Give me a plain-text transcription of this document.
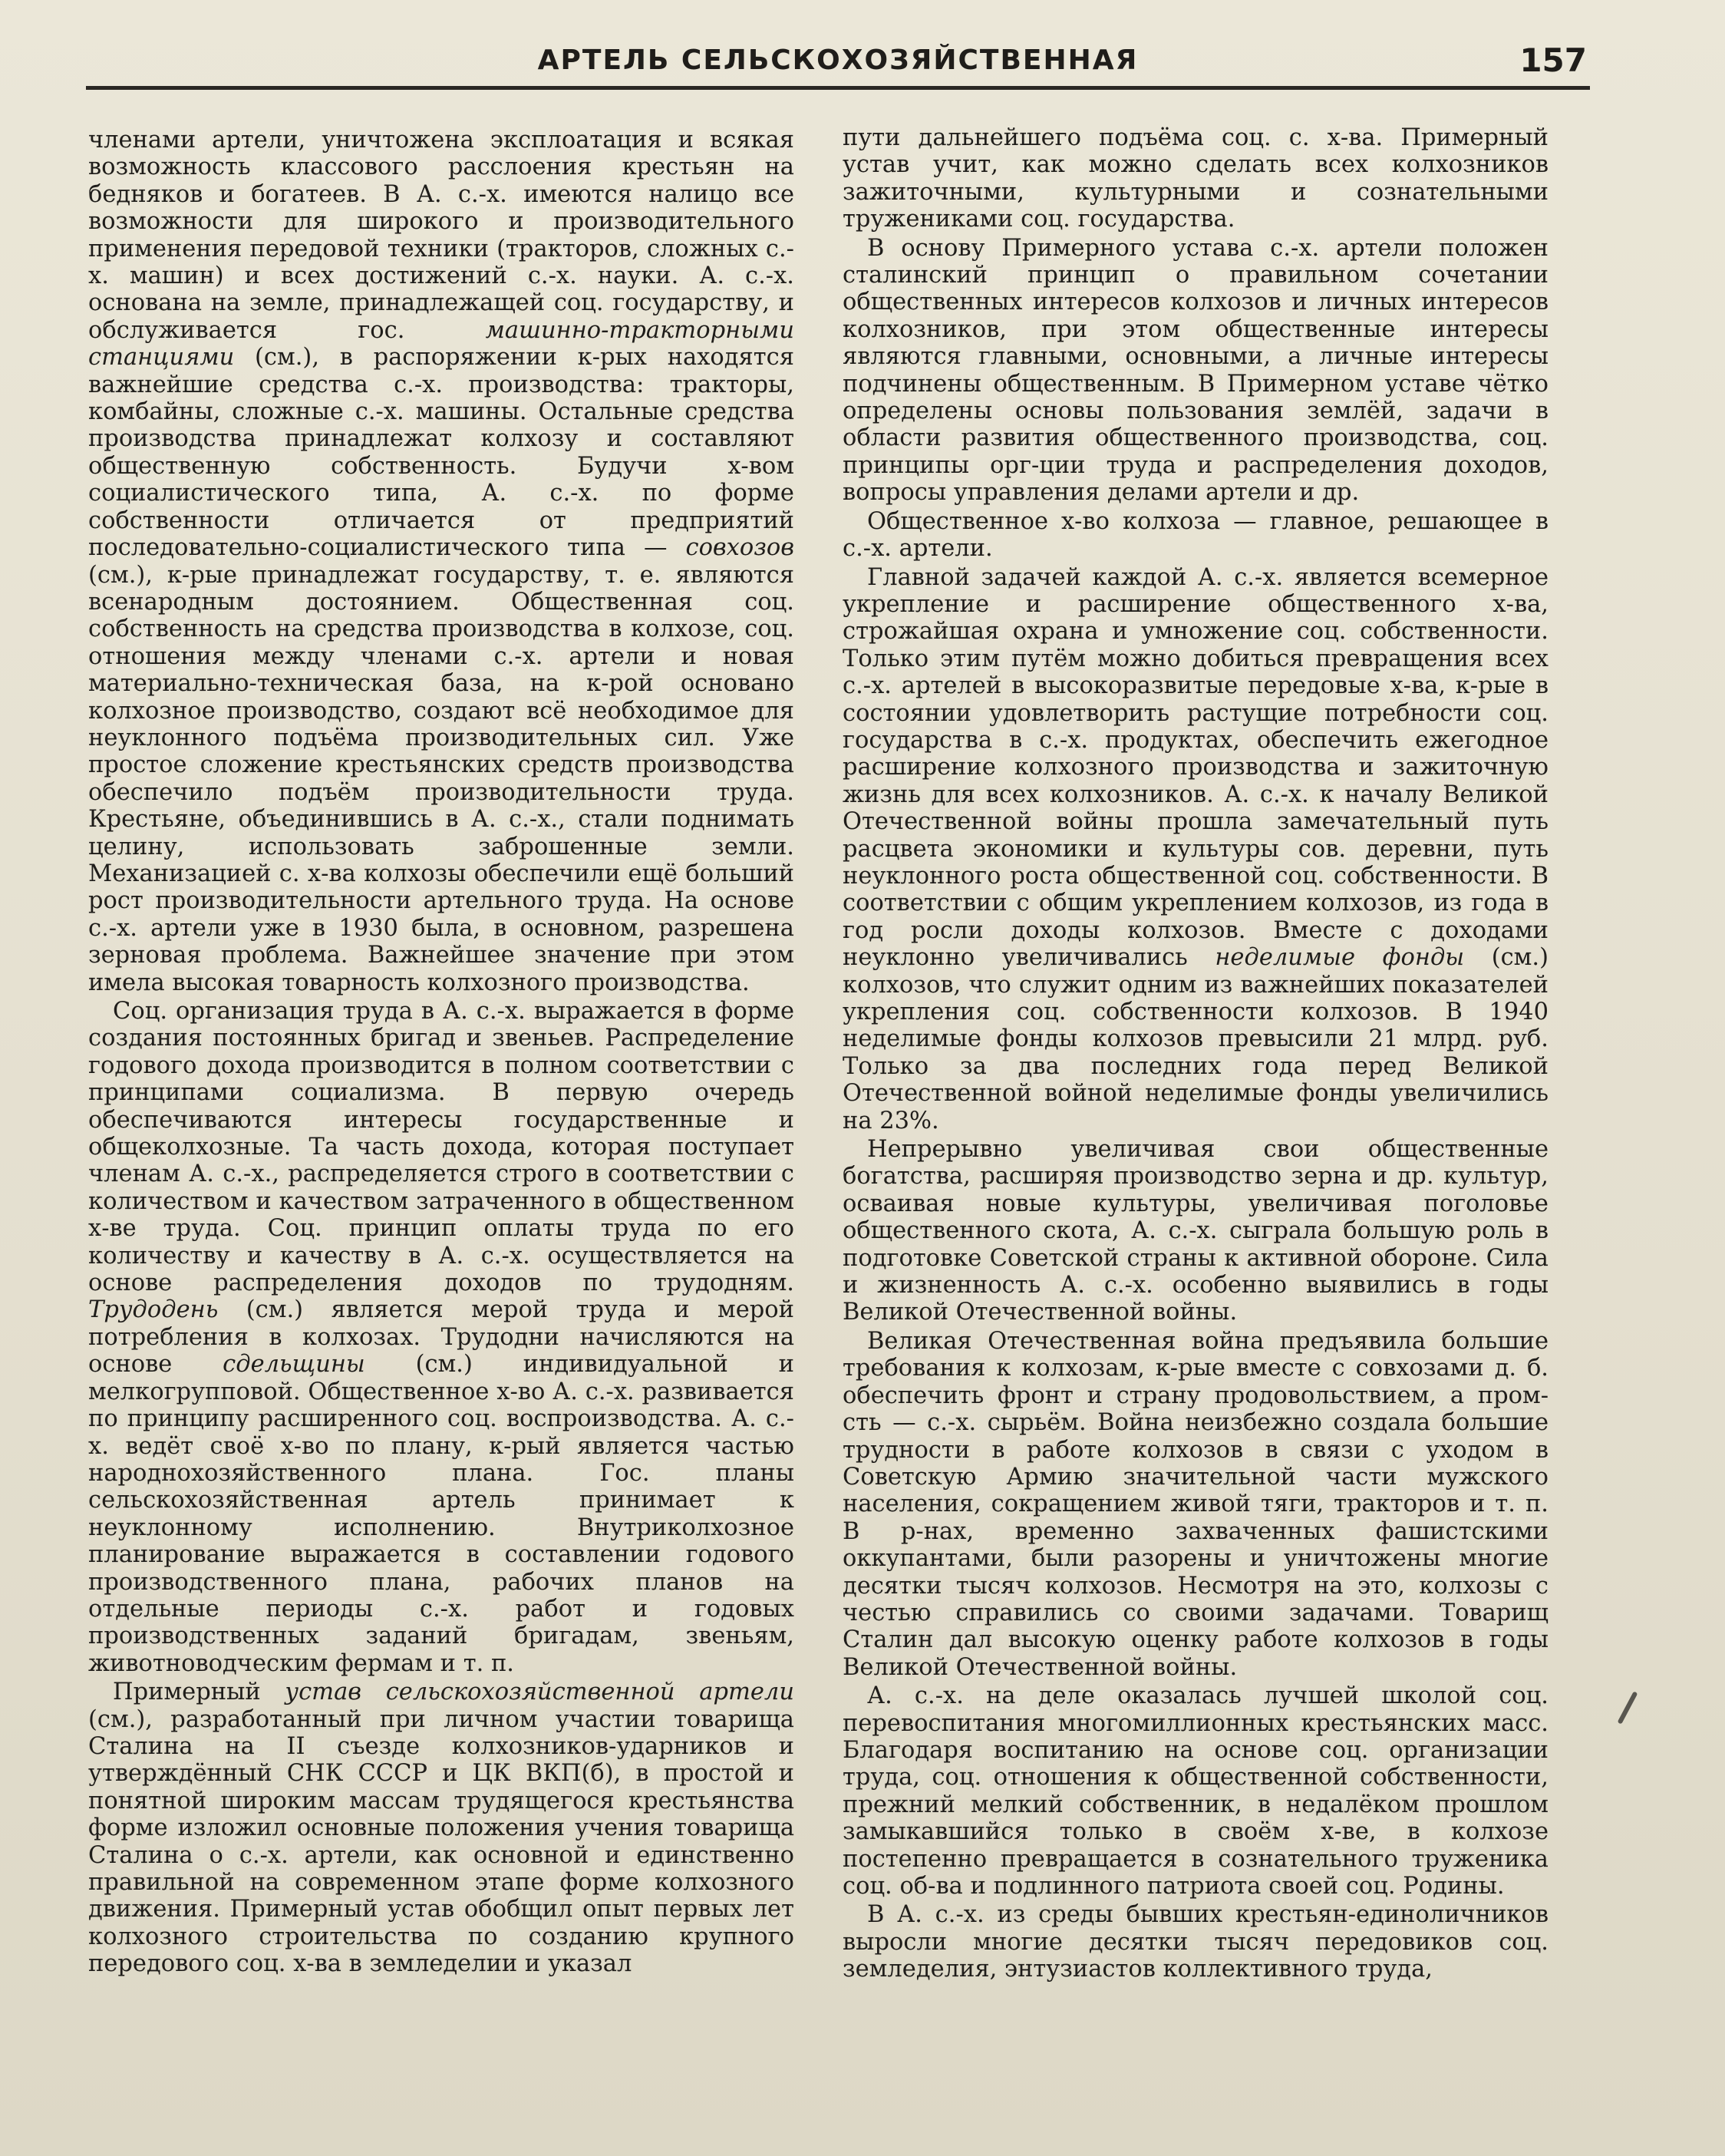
АРТЕЛЬ СЕЛЬСКОХОЗЯЙСТВЕННАЯ	157

членами артели, уничтожена эксплоатация и всякая возможность классового расслоения крестьян на бедняков и богатеев. В А. с.-х. имеются налицо все возможности для широкого и производительного применения передовой техники (тракторов, сложных с.-х. машин) и всех достижений с.-х. науки. А. с.-х. основана на земле, принадлежащей соц. государству, и обслуживается гос.	машинно-тракторными станциями (см.), в распоряжении к-рых находятся важнейшие средства с.-х. производства: тракторы, комбайны, сложные с.-х. машины. Остальные средства производства принадлежат колхозу и составляют общественную собственность. Будучи х-вом социалистического типа, А. с.-х. по форме собственности отличается от предприятий последовательно-социалистического типа — совхозов (см.), к-рые принадлежат государству, т. е. являются всенародным достоянием. Общественная соц. собственность на средства производства в колхозе, соц. отношения между членами с.-х. артели и новая материально-техническая база, на к-рой основано колхозное производство, создают всё необходимое для неуклонного подъёма производительных сил. Уже простое сложение крестьянских средств производства обеспечило подъём производительности труда. Крестьяне, объединившись в А. с.-х., стали поднимать целину, использовать заброшенные земли. Механизацией с. х-ва колхозы обеспечили ещё больший рост производительности артельного труда. На основе с.-х. артели уже в 1930 была, в основном, разрешена зерновая проблема. Важнейшее значение при этом имела высокая товарность колхозного производства.

Соц. организация труда в А. с.-х. выражается в форме создания постоянных бригад и звеньев. Распределение годового дохода производится в полном соответствии с принципами социализма. В первую очередь обеспечиваются интересы государственные и общеколхозные. Та часть дохода, которая поступает членам А. с.-х., распределяется строго в соответствии с количеством и качеством затраченного в общественном х-ве труда. Соц. принцип оплаты труда по его количеству и качеству в А. с.-х. осуществляется на основе распределения доходов по трудодням. Трудодень (см.) является мерой труда и мерой потребления в колхозах. Трудодни начисляются на основе сдельщины (см.) индивидуальной и мелкогрупповой. Общественное х-во А. с.-х. развивается по принципу расширенного соц. воспроизводства. А. с.-х. ведёт своё х-во по плану, к-рый является частью народнохозяйственного плана. Гос. планы сельскохозяйственная артель принимает к неуклонному исполнению. Внутриколхозное планирование выражается в составлении годового производственного плана, рабочих планов на отдельные периоды с.-х. работ и годовых производственных заданий бригадам, звеньям, животноводческим фермам и т. п.

Примерный устав сельскохозяйственной артели (см.), разработанный при личном участии товарища Сталина на II съезде колхозников-ударников и утверждённый СНК СССР и ЦК ВКП(б), в простой и понятной широким массам трудящегося крестьянства форме изложил основные положения учения товарища Сталина о с.-х. артели, как основной и единственно правильной на современном этапе форме колхозного движения. Примерный устав обобщил опыт первых лет колхозного строительства по созданию крупного передового соц. х-ва в земледелии и указал

пути дальнейшего подъёма соц. с. х-ва. Примерный устав учит, как можно сделать всех колхозников зажиточными, культурными и сознательными тружениками соц. государства.

В основу Примерного устава с.-х. артели положен сталинский принцип о правильном сочетании общественных интересов колхозов и личных интересов колхозников, при этом общественные интересы являются главными, основными, а личные интересы подчинены общественным. В Примерном уставе чётко определены основы пользования землёй, задачи в области развития общественного производства, соц. принципы орг-ции труда и распределения доходов, вопросы управления делами артели и др.

Общественное х-во колхоза — главное, решающее в с.-х. артели.

Главной задачей каждой А. с.-х. является всемерное укрепление и расширение общественного х-ва, строжайшая охрана и умножение соц. собственности. Только этим путём можно добиться превращения всех с.-х. артелей в высокоразвитые передовые х-ва, к-рые в состоянии удовлетворить растущие потребности соц. государства в с.-х. продуктах, обеспечить ежегодное расширение колхозного производства и зажиточную жизнь для всех колхозников. А. с.-х. к началу Великой Отечественной войны прошла замечательный путь расцвета экономики и культуры сов. деревни, путь неуклонного роста общественной соц. собственности. В соответствии с общим укреплением колхозов, из года в год росли доходы колхозов. Вместе с доходами неуклонно увеличивались неделимые фонды (см.) колхозов, что служит одним из важнейших показателей укрепления соц. собственности колхозов. В 1940 неделимые фонды колхозов превысили 21 млрд. руб. Только за два последних года перед Великой Отечественной войной неделимые фонды увеличились на 23%.

Непрерывно увеличивая свои общественные богатства, расширяя производство зерна и др. культур, осваивая новые культуры, увеличивая поголовье общественного скота, А. с.-х. сыграла большую роль в подготовке Советской страны к активной обороне. Сила и жизненность А. с.-х. особенно выявились в годы Великой Отечественной войны.

Великая Отечественная война предъявила большие требования к колхозам, к-рые вместе с совхозами д. б. обеспечить фронт и страну продовольствием, а пром-сть — с.-х. сырьём. Война неизбежно создала большие трудности в работе колхозов в связи с уходом в Советскую Армию значительной части мужского населения, сокращением живой тяги, тракторов и т. п. В р-нах, временно захваченных фашистскими оккупантами, были разорены и уничтожены многие десятки тысяч колхозов. Несмотря на это, колхозы с честью справились со своими задачами. Товарищ Сталин дал высокую оценку работе колхозов в годы Великой Отечественной войны.

А. с.-х. на деле оказалась лучшей школой соц. перевоспитания многомиллионных крестьянских масс. Благодаря воспитанию на основе соц. организации труда, соц. отношения к общественной собственности, прежний мелкий собственник, в недалёком прошлом замыкавшийся только в своём х-ве, в колхозе постепенно превращается в сознательного труженика соц. об-ва и подлинного патриота своей соц. Родины.

В А. с.-х. из среды бывших крестьян-единоличников выросли многие десятки тысяч передовиков соц. земледелия, энтузиастов коллективного труда,
